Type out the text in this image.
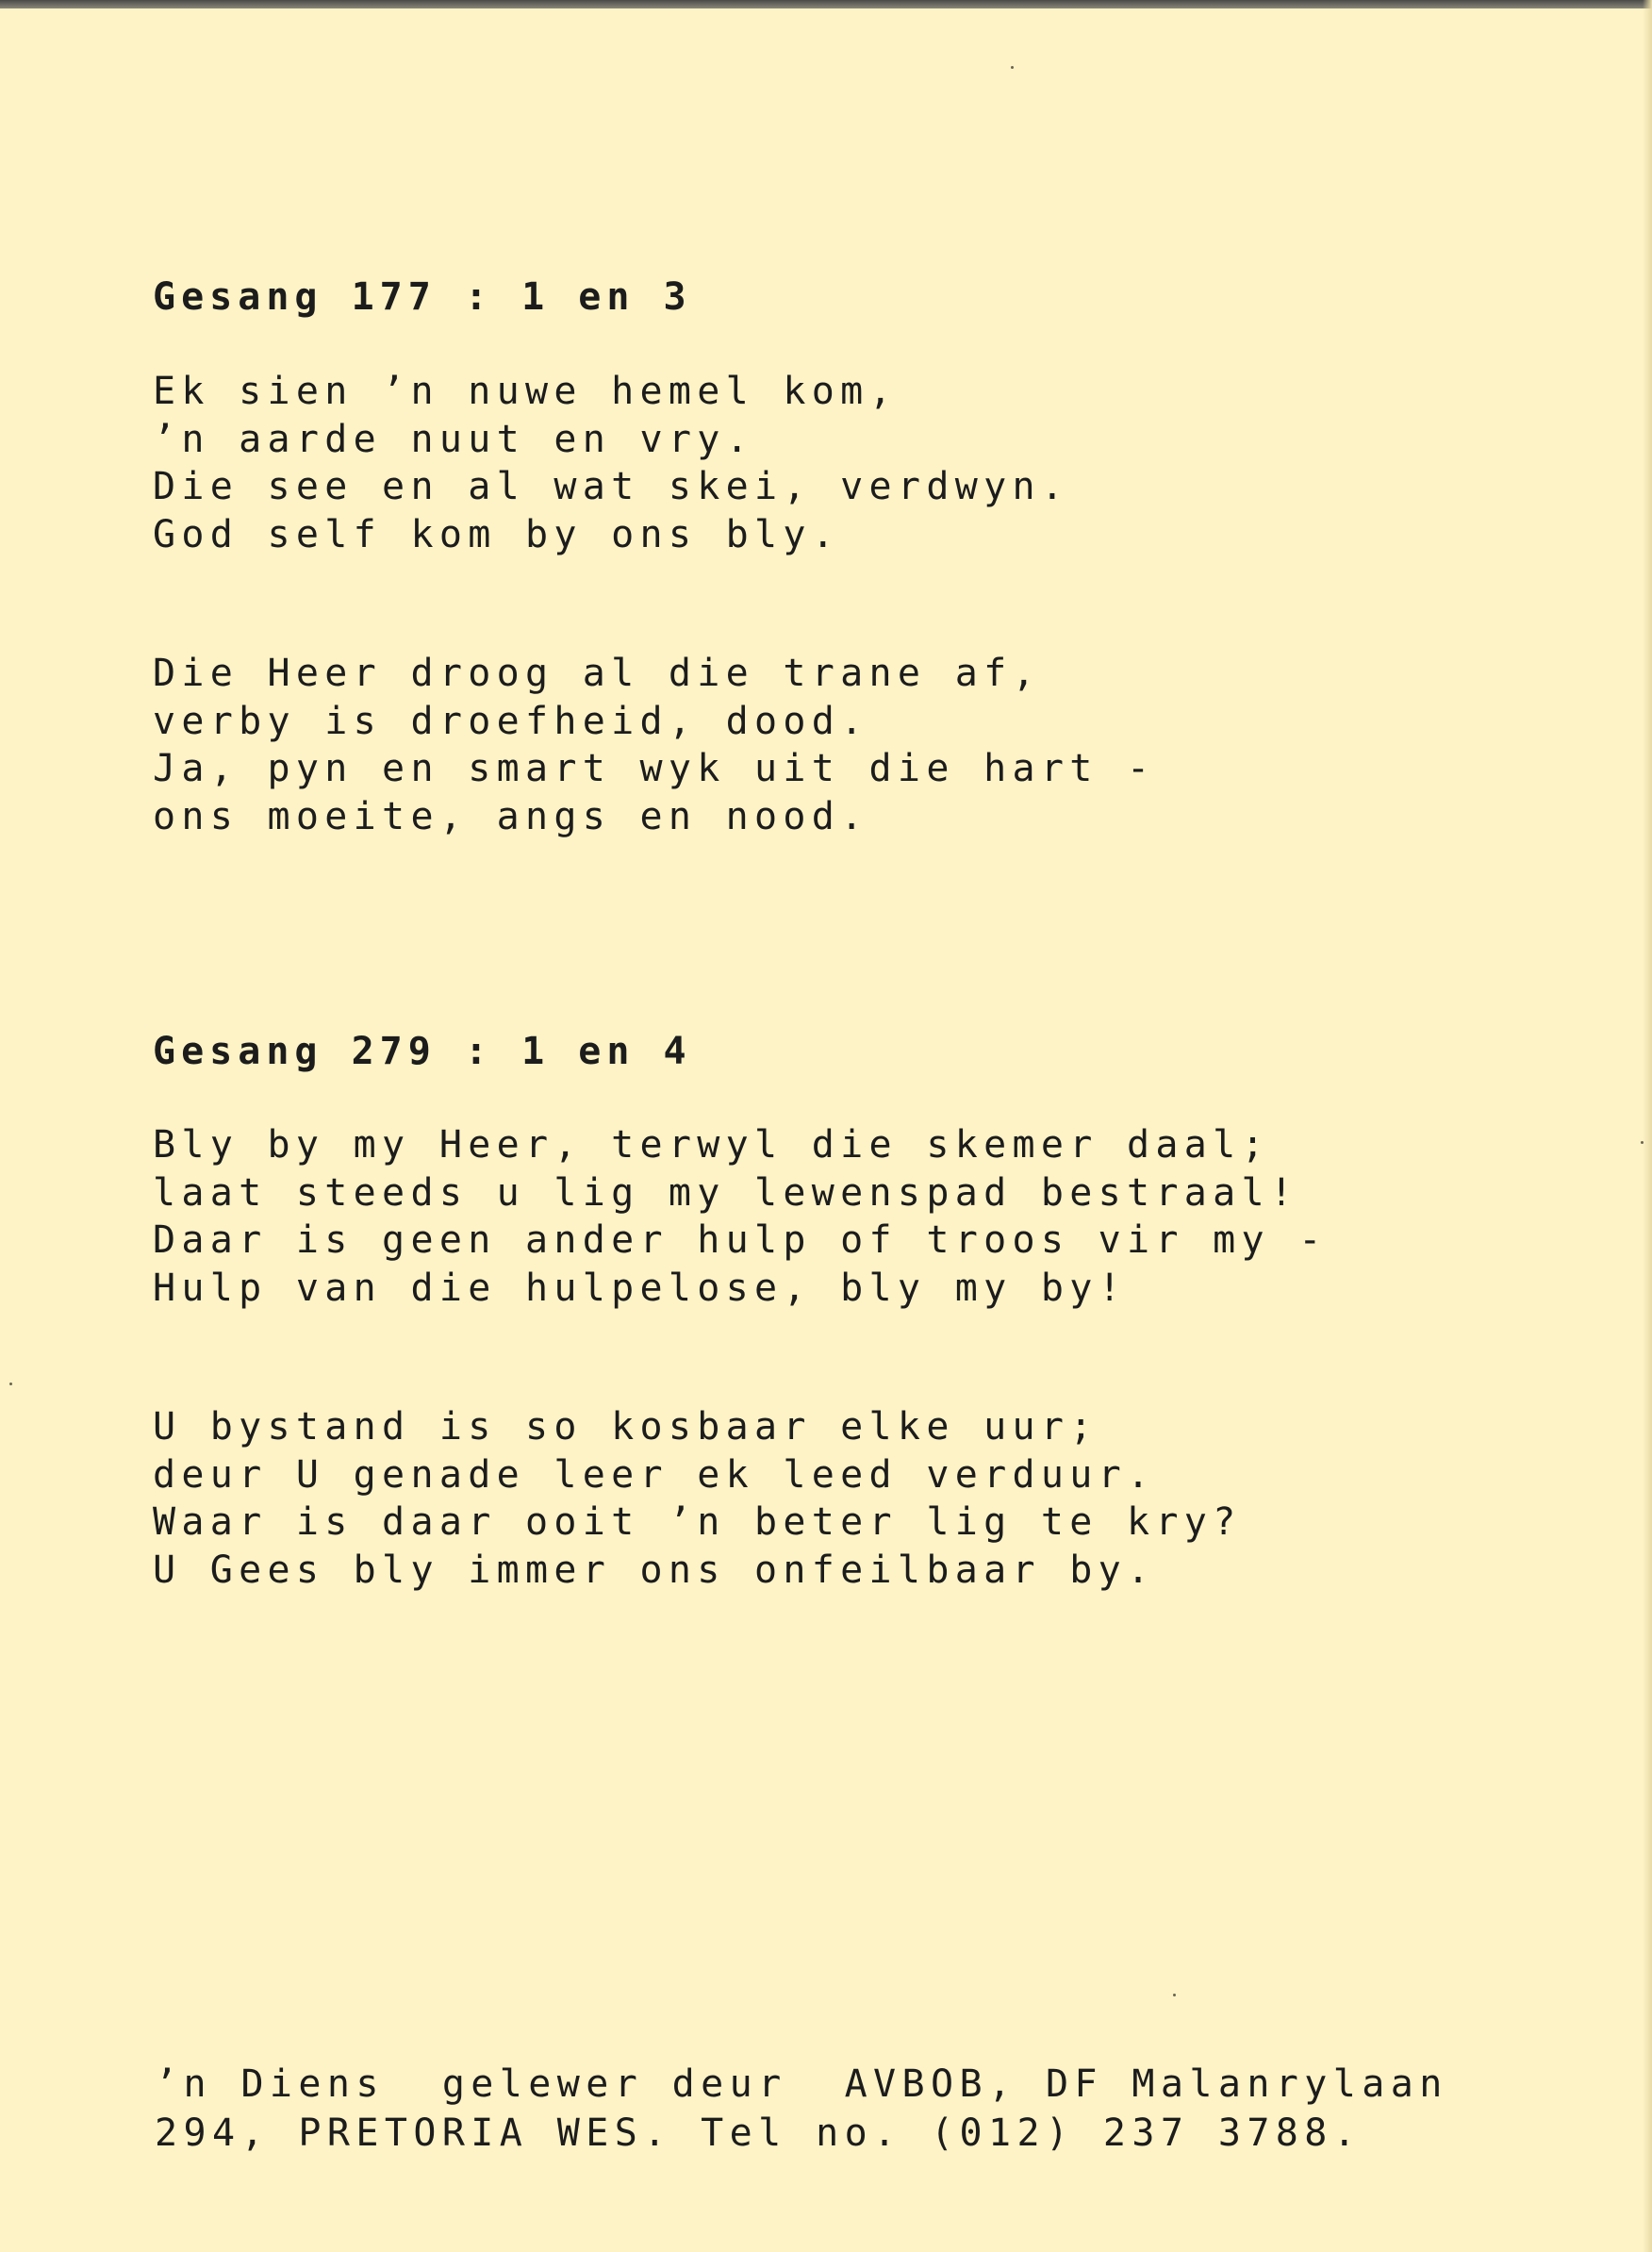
Gesang 177 : 1 en 3
Ek sien ’n nuwe hemel kom,
’n aarde nuut en vry.
Die see en al wat skei, verdwyn.
God self kom by ons bly.
Die Heer droog al die trane af,
verby is droefheid, dood.
Ja, pyn en smart wyk uit die hart -
ons moeite, angs en nood.
Gesang 279 : 1 en 4
Bly by my Heer, terwyl die skemer daal;
laat steeds u lig my lewenspad bestraal!
Daar is geen ander hulp of troos vir my -
Hulp van die hulpelose, bly my by!
U bystand is so kosbaar elke uur;
deur U genade leer ek leed verduur.
Waar is daar ooit ’n beter lig te kry?
U Gees bly immer ons onfeilbaar by.
’n Diens  gelewer deur  AVBOB, DF Malanrylaan
294, PRETORIA WES. Tel no. (012) 237 3788.
